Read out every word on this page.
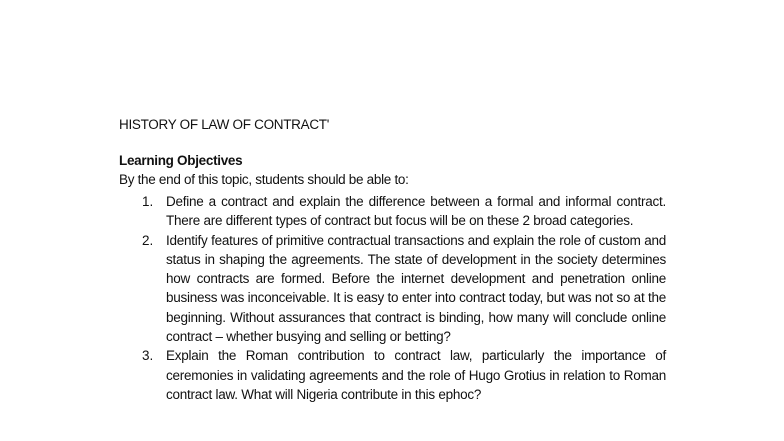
HISTORY OF LAW OF CONTRACT'
Learning Objectives

By the end of this topic, students should be able to:

1. Define a contract and explain the difference between a formal and informal contract. There are different types of contract but focus will be on these 2 broad categories.
2. Identify features of primitive contractual transactions and explain the role of custom and status in shaping the agreements. The state of development in the society determines how contracts are formed. Before the internet development and penetration online business was inconceivable. It is easy to enter into contract today, but was not so at the beginning. Without assurances that contract is binding, how many will conclude online contract – whether busying and selling or betting?
3. Explain the Roman contribution to contract law, particularly the importance of ceremonies in validating agreements and the role of Hugo Grotius in relation to Roman contract law. What will Nigeria contribute in this ephoc?
